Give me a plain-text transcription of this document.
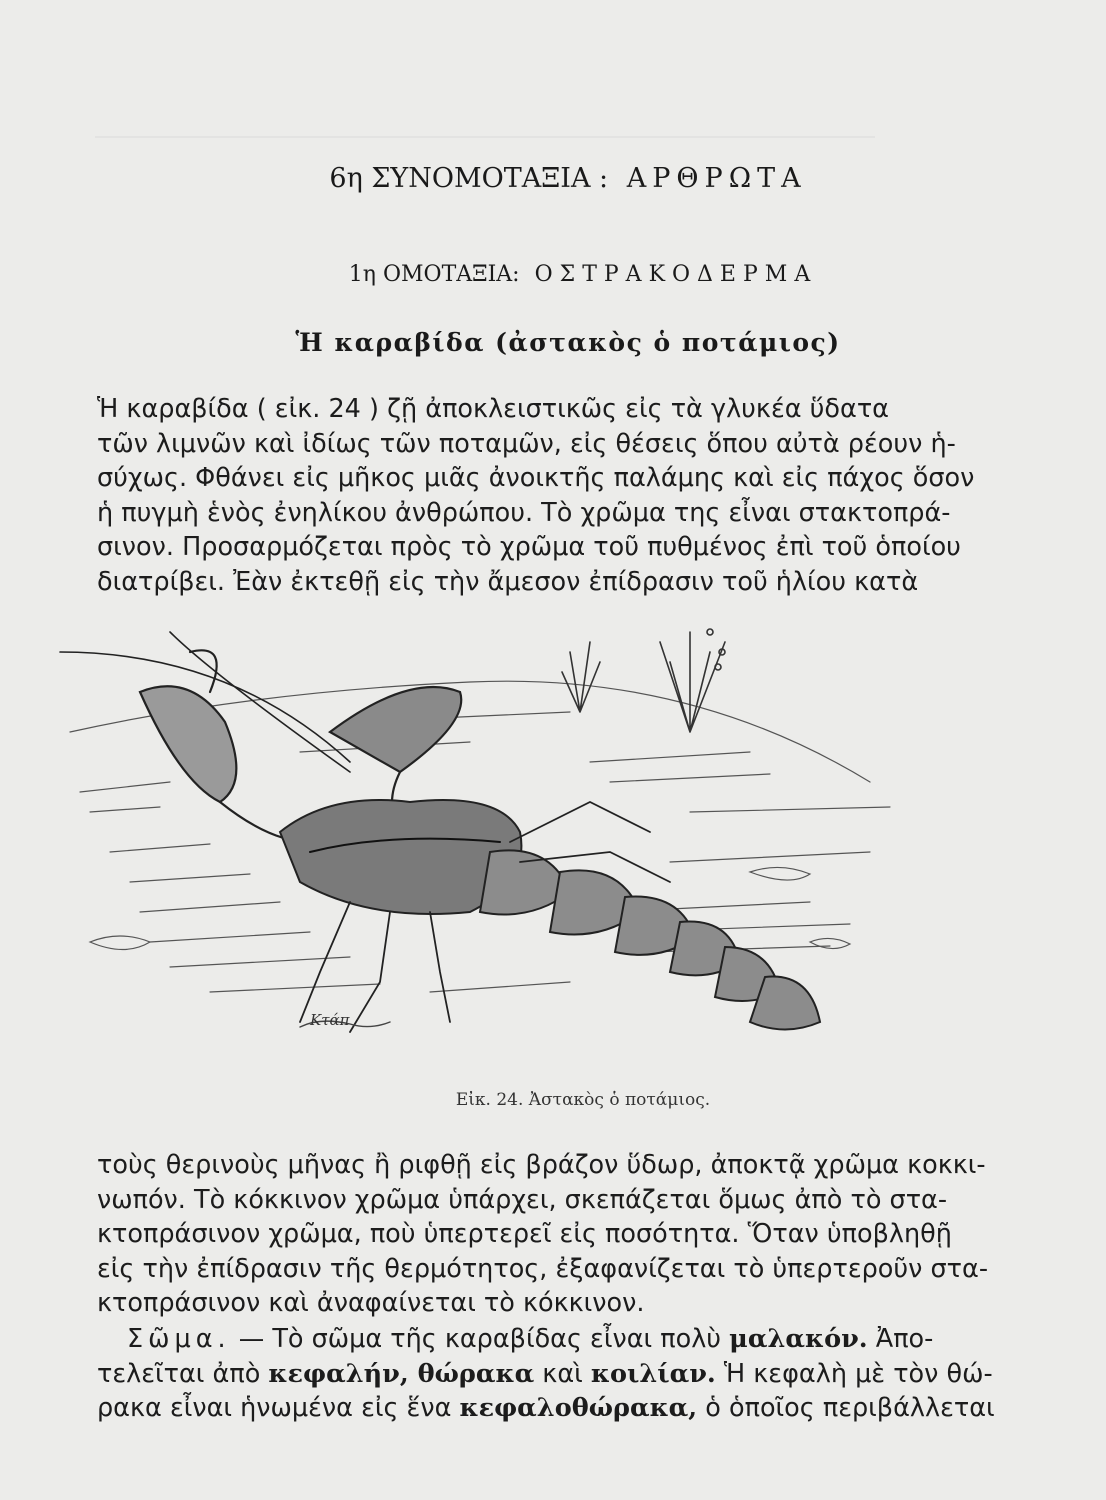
6η ΣΥΝΟΜΟΤΑΞΙΑ : ΑΡΘΡΩΤΑ
1η ΟΜΟΤΑΞΙΑ: ΟΣΤΡΑΚΟΔΕΡΜΑ
Ἡ καραβίδα (ἀστακὸς ὁ ποτάμιος)
Ἡ καραβίδα ( εἰκ. 24 ) ζῇ ἀποκλειστικῶς εἰς τὰ γλυκέα ὕδατα
τῶν λιμνῶν καὶ ἰδίως τῶν ποταμῶν, εἰς θέσεις ὅπου αὐτὰ ρέουν ἡ-
σύχως. Φθάνει εἰς μῆκος μιᾶς ἀνοικτῆς παλάμης καὶ εἰς πάχος ὅσον
ἡ πυγμὴ ἑνὸς ἐνηλίκου ἀνθρώπου. Τὸ χρῶμα της εἶναι στακτοπρά-
σινον. Προσαρμόζεται πρὸς τὸ χρῶμα τοῦ πυθμένος ἐπὶ τοῦ ὁποίου
διατρίβει. Ἐὰν ἐκτεθῇ εἰς τὴν ἄμεσον ἐπίδρασιν τοῦ ἡλίου κατὰ
Κτάπ
Εἰκ. 24. Ἀστακὸς ὁ ποτάμιος.
τοὺς θερινοὺς μῆνας ἢ ριφθῇ εἰς βράζον ὕδωρ, ἀποκτᾷ χρῶμα κοκκι-
νωπόν. Τὸ κόκκινον χρῶμα ὑπάρχει, σκεπάζεται ὅμως ἀπὸ τὸ στα-
κτοπράσινον χρῶμα, ποὺ ὑπερτερεῖ εἰς ποσότητα. Ὅταν ὑποβληθῇ
εἰς τὴν ἐπίδρασιν τῆς θερμότητος, ἐξαφανίζεται τὸ ὑπερτεροῦν στα-
κτοπράσινον καὶ ἀναφαίνεται τὸ κόκκινον.
Σῶμα. — Τὸ σῶμα τῆς καραβίδας εἶναι πολὺ μαλακόν. Ἀπο-
τελεῖται ἀπὸ κεφαλήν, θώρακα καὶ κοιλίαν. Ἡ κεφαλὴ μὲ τὸν θώ-
ρακα εἶναι ἡνωμένα εἰς ἕνα κεφαλοθώρακα, ὁ ὁποῖος περιβάλλεται
